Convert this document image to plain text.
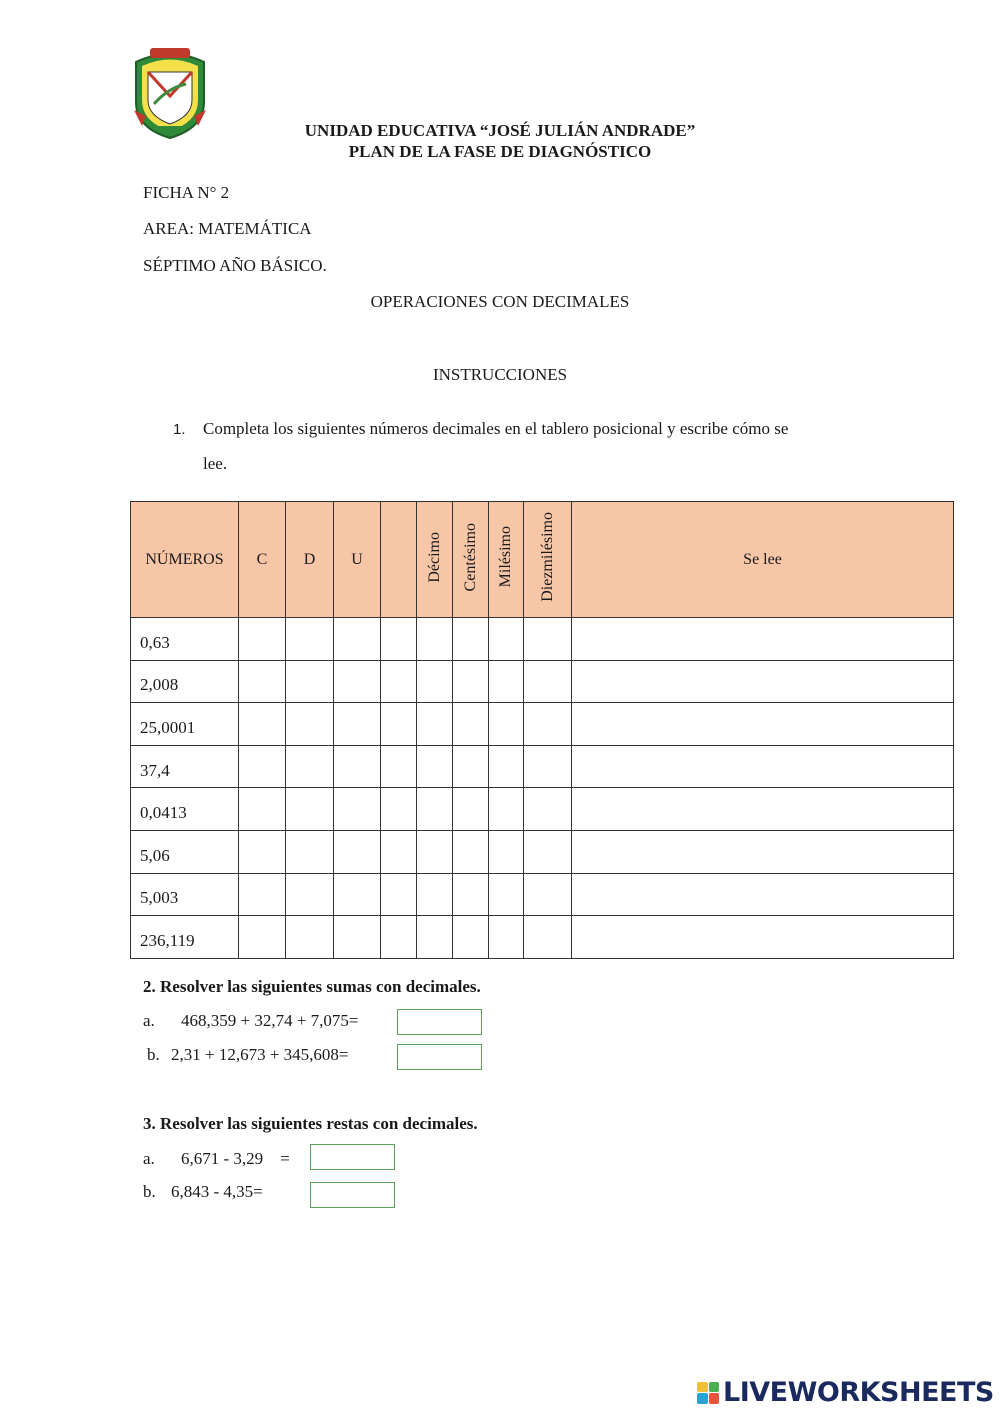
UNIDAD EDUCATIVA “JOSÉ JULIÁN ANDRADE”
PLAN DE LA FASE DE DIAGNÓSTICO
FICHA N° 2
AREA: MATEMÁTICA
SÉPTIMO AÑO BÁSICO.
OPERACIONES CON DECIMALES
INSTRUCCIONES
1. Completa los siguientes números decimales en el tablero posicional y escribe cómo se
lee.
NÚMEROS	C	D	U		Décimo	Centésimo	Milésimo	Diezmilésimo	Se lee
0,63									
2,008									
25,0001									
37,4									
0,0413									
5,06									
5,003									
236,119									
2. Resolver las siguientes sumas con decimales.
a. 468,359 + 32,74 + 7,075=
b. 2,31 + 12,673 + 345,608=
3. Resolver las siguientes restas con decimales.
a. 6,671 - 3,29    =
b. 6,843 - 4,35=
LIVEWORKSHEETS
